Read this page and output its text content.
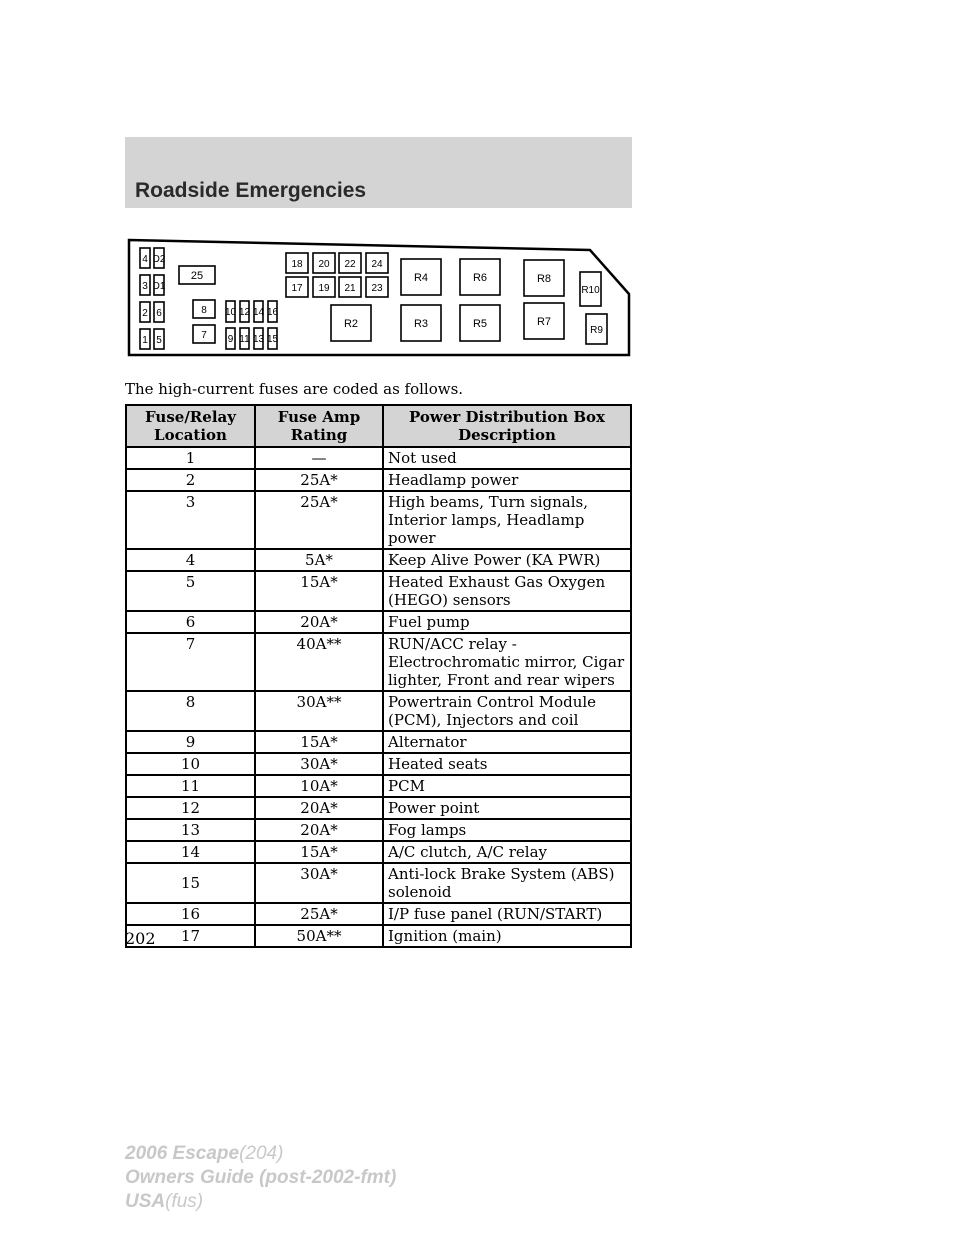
Roadside Emergencies
1
2
3
4
5
6
D1
D2
25
8
7
10
9
12
11
14
13
16
15
18
17
20
19
22
21
24
23
R2
R4
R3
R6
R5
R8
R7
R10
R9
The high-current fuses are coded as follows.
Fuse/Relay Location	Fuse Amp Rating	Power Distribution Box Description
1	—	Not used
2	25A*	Headlamp power
3	25A*	High beams, Turn signals, Interior lamps, Headlamp power
4	5A*	Keep Alive Power (KA PWR)
5	15A*	Heated Exhaust Gas Oxygen (HEGO) sensors
6	20A*	Fuel pump
7	40A**	RUN/ACC relay - Electrochromatic mirror, Cigar lighter, Front and rear wipers
8	30A**	Powertrain Control Module (PCM), Injectors and coil
9	15A*	Alternator
10	30A*	Heated seats
11	10A*	PCM
12	20A*	Power point
13	20A*	Fog lamps
14	15A*	A/C clutch, A/C relay
15	30A*	Anti-lock Brake System (ABS) solenoid
16	25A*	I/P fuse panel (RUN/START)
17	50A**	Ignition (main)
202
2006 Escape(204)
Owners Guide (post-2002-fmt)
USA(fus)
